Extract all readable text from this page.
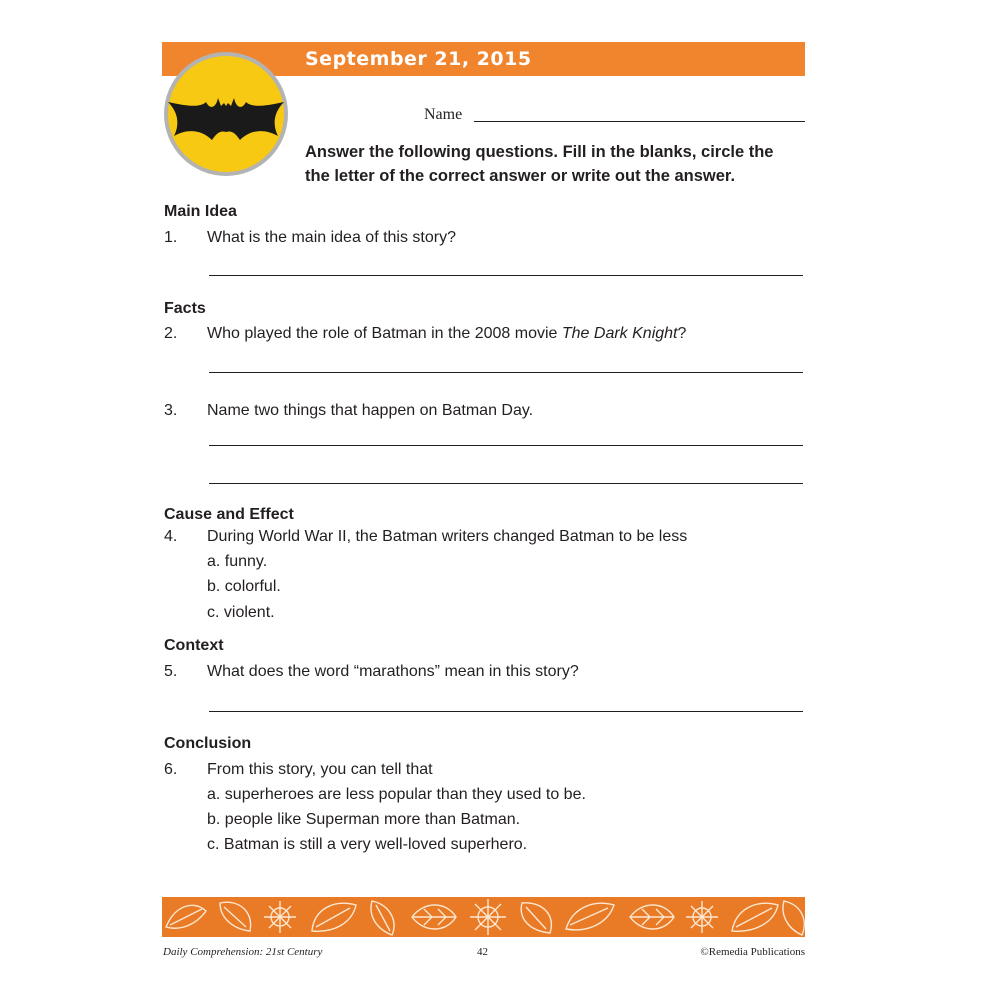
September 21, 2015
Name
Answer the following questions. Fill in the blanks, circle the
the letter of the correct answer or write out the answer.
Main Idea
1. What is the main idea of this story?
Facts
2. Who played the role of Batman in the 2008 movie The Dark Knight?
3. Name two things that happen on Batman Day.
Cause and Effect
4. During World War II, the Batman writers changed Batman to be less
a. funny.
b. colorful.
c. violent.
Context
5. What does the word “marathons” mean in this story?
Conclusion
6. From this story, you can tell that
a. superheroes are less popular than they used to be.
b. people like Superman more than Batman.
c. Batman is still a very well-loved superhero.
Daily Comprehension: 21st Century	42	©Remedia Publications
